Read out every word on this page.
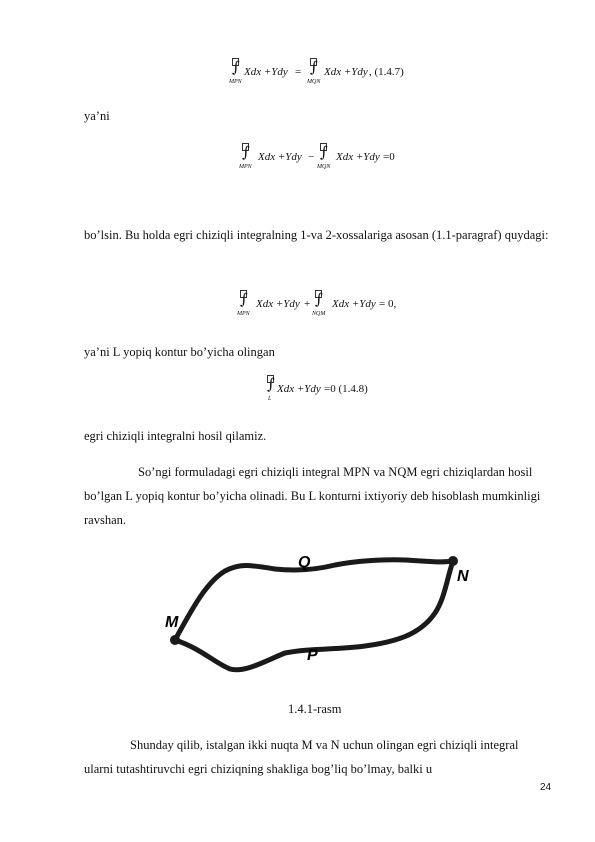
∫
MPN
Xdx +Ydy = ∫
MQN
Xdx +Ydy , (1.4.7)
ya’ni
∫
MPN
Xdx +Ydy − ∫
MQN
Xdx +Ydy =0
bo’lsin. Bu holda egri chiziqli integralning 1-va 2-xossalariga asosan (1.1-paragraf) quydagi:
∫
MPN
Xdx +Ydy + ∫
NQM
Xdx +Ydy = 0,
ya’ni L yopiq kontur bo’yicha olingan
∫
L
Xdx +Ydy =0 (1.4.8)
egri chiziqli integralni hosil qilamiz.
So’ngi formuladagi egri chiziqli integral MPN va NQM egri chiziqlardan hosil bo’lgan L yopiq kontur bo’yicha olinadi. Bu L konturni ixtiyoriy deb hisoblash mumkinligi ravshan.
Q
N
M
P
1.4.1-rasm
Shunday qilib, istalgan ikki nuqta M va N uchun olingan egri chiziqli integral ularni tutashtiruvchi egri chiziqning shakliga bog’liq bo’lmay, balki u
24
